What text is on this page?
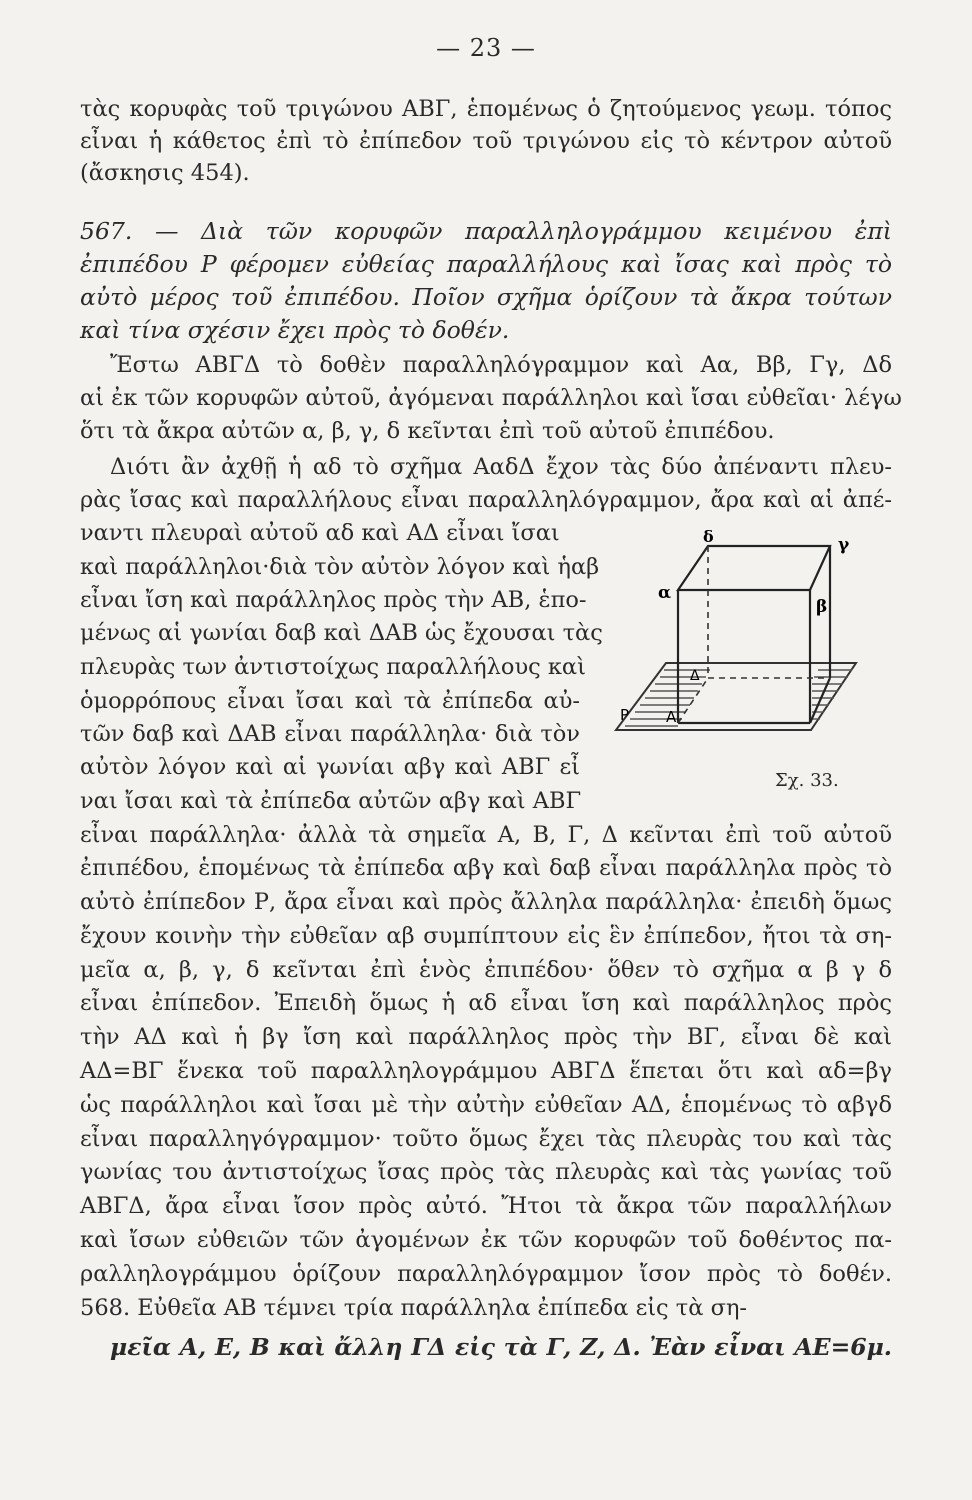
— 23 —
τὰς κορυφὰς τοῦ τριγώνου ΑΒΓ, ἑπομένως ὁ ζητούμενος γεωμ. τόπος
εἶναι ἡ κάθετος ἐπὶ τὸ ἐπίπεδον τοῦ τριγώνου εἰς τὸ κέντρον αὐτοῦ
(ἄσκησις 454).
567. — Διὰ τῶν κορυφῶν παραλληλογράμμου κειμένου ἐπὶ
ἐπιπέδου Ρ φέρομεν εὐθείας παραλλήλους καὶ ἴσας καὶ πρὸς τὸ
αὐτὸ μέρος τοῦ ἐπιπέδου. Ποῖον σχῆμα ὁρίζουν τὰ ἄκρα τούτων
καὶ τίνα σχέσιν ἔχει πρὸς τὸ δοθέν.
Ἔστω ΑΒΓΔ τὸ δοθὲν παραλληλόγραμμον καὶ Αα, Ββ, Γγ, Δδ
αἱ ἐκ τῶν κορυφῶν αὐτοῦ, ἀγόμεναι παράλληλοι καὶ ἴσαι εὐθεῖαι· λέγω
ὅτι τὰ ἄκρα αὐτῶν α, β, γ, δ κεῖνται ἐπὶ τοῦ αὐτοῦ ἐπιπέδου.
Διότι ἂν ἀχθῇ ἡ αδ τὸ σχῆμα ΑαδΔ ἔχον τὰς δύο ἀπέναντι πλευ-
ρὰς ἴσας καὶ παραλλήλους εἶναι παραλληλόγραμμον, ἄρα καὶ αἱ ἀπέ-
ναντι πλευραὶ αὐτοῦ αδ καὶ ΑΔ εἶναι ἴσαι
καὶ παράλληλοι·διὰ τὸν αὐτὸν λόγον καὶ ἡαβ
εἶναι ἴση καὶ παράλληλος πρὸς τὴν ΑΒ, ἑπο-
μένως αἱ γωνίαι δαβ καὶ ΔΑΒ ὡς ἔχουσαι τὰς
πλευρὰς των ἀντιστοίχως παραλλήλους καὶ
ὁμορρόπους εἶναι ἴσαι καὶ τὰ ἐπίπεδα αὐ-
τῶν δαβ καὶ ΔΑΒ εἶναι παράλληλα· διὰ τὸν
αὐτὸν λόγον καὶ αἱ γωνίαι αβγ καὶ ΑΒΓ εἶ
ναι ἴσαι καὶ τὰ ἐπίπεδα αὐτῶν αβγ καὶ ΑΒΓ
δ	γ
α
β
Δ
Ρ Α
Σχ. 33.
εἶναι παράλληλα· ἀλλὰ τὰ σημεῖα Α, Β, Γ, Δ κεῖνται ἐπὶ τοῦ αὐτοῦ
ἐπιπέδου, ἑπομένως τὰ ἐπίπεδα αβγ καὶ δαβ εἶναι παράλληλα πρὸς τὸ
αὐτὸ ἐπίπεδον Ρ, ἄρα εἶναι καὶ πρὸς ἄλληλα παράλληλα· ἐπειδὴ ὅμως
ἔχουν κοινὴν τὴν εὐθεῖαν αβ συμπίπτουν εἰς ἓν ἐπίπεδον, ἤτοι τὰ ση-
μεῖα α, β, γ, δ κεῖνται ἐπὶ ἑνὸς ἐπιπέδου· ὅθεν τὸ σχῆμα α β γ δ
εἶναι ἐπίπεδον. Ἐπειδὴ ὅμως ἡ αδ εἶναι ἴση καὶ παράλληλος πρὸς
τὴν ΑΔ καὶ ἡ βγ ἴση καὶ παράλληλος πρὸς τὴν ΒΓ, εἶναι δὲ καὶ
ΑΔ=ΒΓ ἕνεκα τοῦ παραλληλογράμμου ΑΒΓΔ ἕπεται ὅτι καὶ αδ=βγ
ὡς παράλληλοι καὶ ἴσαι μὲ τὴν αὐτὴν εὐθεῖαν ΑΔ, ἑπομένως τὸ αβγδ
εἶναι παραλληγόγραμμον· τοῦτο ὅμως ἔχει τὰς πλευρὰς του καὶ τὰς
γωνίας του ἀντιστοίχως ἴσας πρὸς τὰς πλευρὰς καὶ τὰς γωνίας τοῦ
ΑΒΓΔ, ἄρα εἶναι ἴσον πρὸς αὐτό. Ἤτοι τὰ ἄκρα τῶν παραλλήλων
καὶ ἴσων εὐθειῶν τῶν ἀγομένων ἐκ τῶν κορυφῶν τοῦ δοθέντος πα-
ραλληλογράμμου ὁρίζουν παραλληλόγραμμον ἴσον πρὸς τὸ δοθέν.
568. Εὐθεῖα ΑΒ τέμνει τρία παράλληλα ἐπίπεδα εἰς τὰ ση-
μεῖα Α, Ε, Β καὶ ἄλλη ΓΔ εἰς τὰ Γ, Ζ, Δ. Ἐὰν εἶναι ΑΕ=6μ.
